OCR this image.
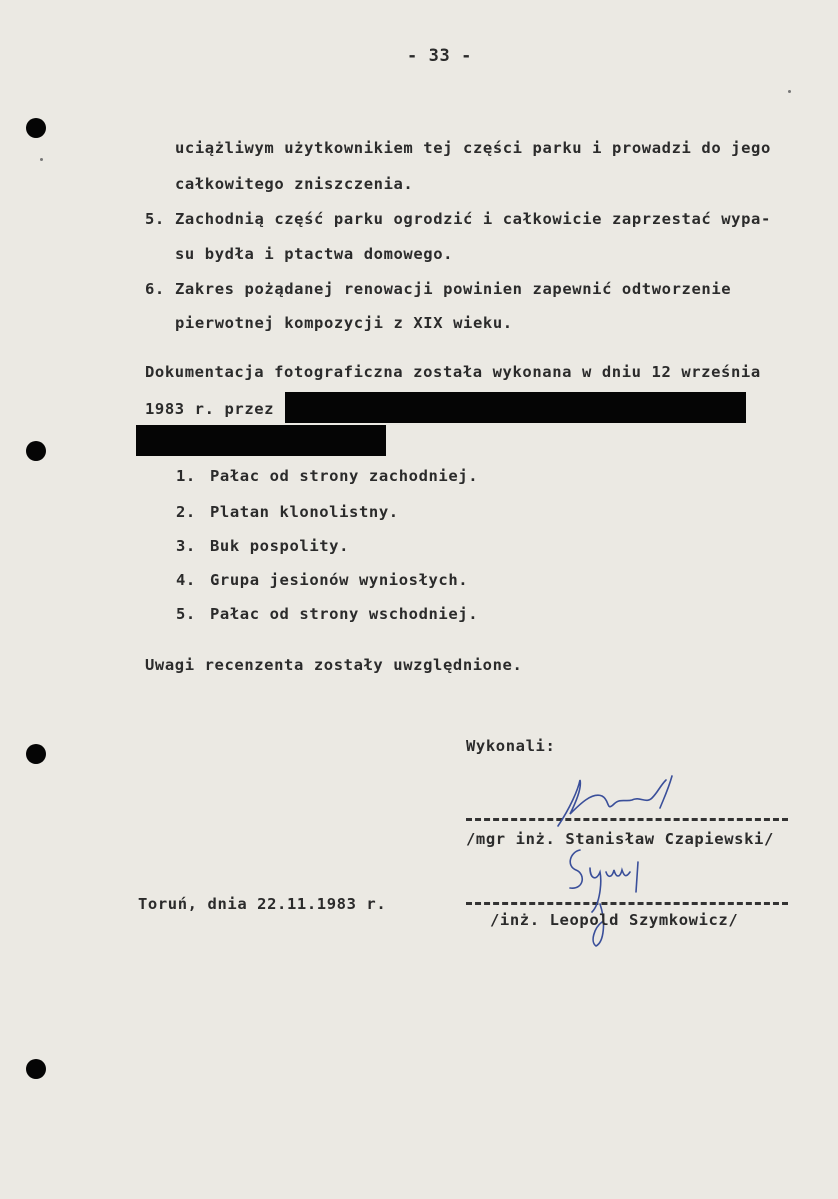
- 33 -
uciążliwym użytkownikiem tej części parku i prowadzi do jego
całkowitego zniszczenia.
5. Zachodnią część parku ogrodzić i całkowicie zaprzestać wypa-
su bydła i ptactwa domowego.
6. Zakres pożądanej renowacji powinien zapewnić odtworzenie
pierwotnej kompozycji z XIX wieku.
Dokumentacja fotograficzna została wykonana w dniu 12 września
1983 r. przez
1. Pałac od strony zachodniej.
2. Platan klonolistny.
3. Buk pospolity.
4. Grupa jesionów wyniosłych.
5. Pałac od strony wschodniej.
Uwagi recenzenta zostały uwzględnione.
Wykonali:
/mgr inż. Stanisław Czapiewski/
/inż. Leopold Szymkowicz/
Toruń, dnia 22.11.1983 r.
